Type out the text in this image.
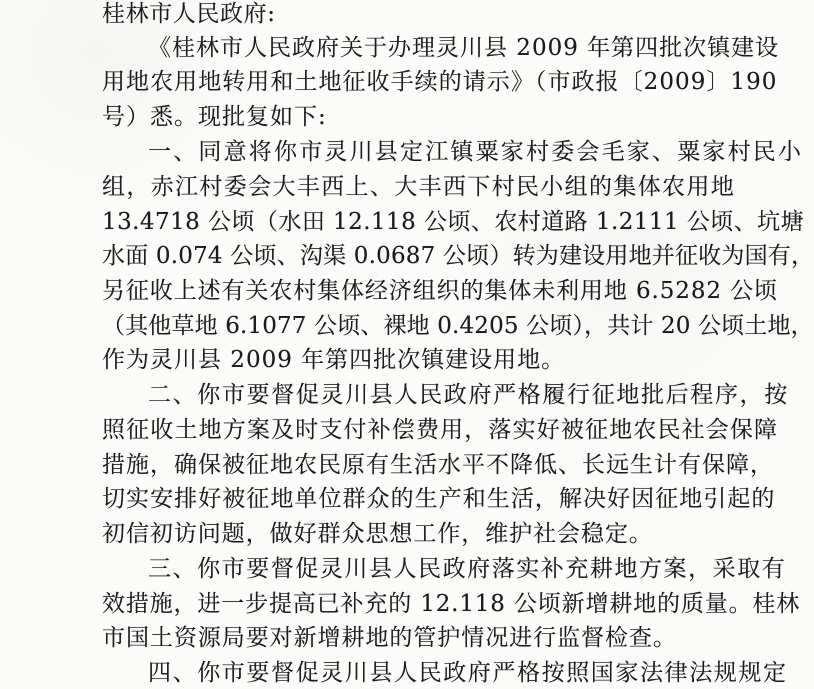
桂林市人民政府:
《桂林市人民政府关于办理灵川县 2009 年第四批次镇建设
用地农用地转用和土地征收手续的请示》（市政报〔2009〕190
号）悉。现批复如下:
一、同意将你市灵川县定江镇粟家村委会毛家、粟家村民小
组，赤江村委会大丰西上、大丰西下村民小组的集体农用地
13.4718 公顷（水田 12.118 公顷、农村道路 1.2111 公顷、坑塘
水面 0.074 公顷、沟渠 0.0687 公顷）转为建设用地并征收为国有，
另征收上述有关农村集体经济组织的集体未利用地 6.5282 公顷
（其他草地 6.1077 公顷、裸地 0.4205 公顷），共计 20 公顷土地，
作为灵川县 2009 年第四批次镇建设用地。
二、你市要督促灵川县人民政府严格履行征地批后程序，按
照征收土地方案及时支付补偿费用，落实好被征地农民社会保障
措施，确保被征地农民原有生活水平不降低、长远生计有保障，
切实安排好被征地单位群众的生产和生活，解决好因征地引起的
初信初访问题，做好群众思想工作，维护社会稳定。
三、你市要督促灵川县人民政府落实补充耕地方案，采取有
效措施，进一步提高已补充的 12.118 公顷新增耕地的质量。桂林
市国土资源局要对新增耕地的管护情况进行监督检查。
四、你市要督促灵川县人民政府严格按照国家法律法规规定
